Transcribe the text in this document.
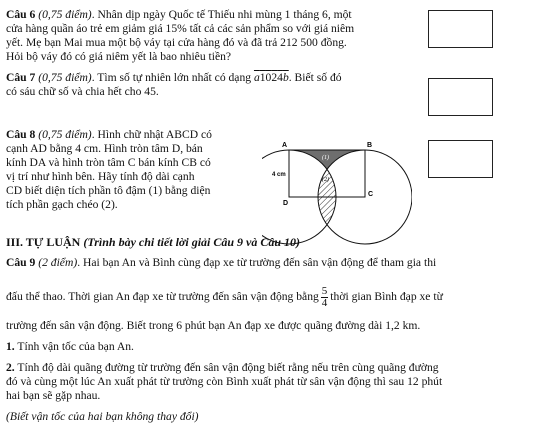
Câu 6 (0,75 điểm). Nhân dịp ngày Quốc tế Thiếu nhi mùng 1 tháng 6, một

cửa hàng quần áo trẻ em giảm giá 15% tất cả các sản phẩm so với giá niêm

yết. Mẹ bạn Mai mua một bộ váy tại cửa hàng đó và đã trả 212 500 đồng.

Hỏi bộ váy đó có giá niêm yết là bao nhiêu tiền?

Câu 7 (0,75 điểm). Tìm số tự nhiên lớn nhất có dạng a1024b. Biết số đó

có sáu chữ số và chia hết cho 45.

Câu 8 (0,75 điểm). Hình chữ nhật ABCD có

cạnh AD bằng 4 cm. Hình tròn tâm D, bán

kính DA và hình tròn tâm C bán kính CB có

vị trí như hình bên. Hãy tính độ dài cạnh

CD biết diện tích phần tô đậm (1) bằng diện

tích phần gạch chéo (2).

A	B
C
D
4 cm
(1)
(2)

III. TỰ LUẬN (Trình bày chi tiết lời giải Câu 9 và Câu 10)

Câu 9 (2 điểm). Hai bạn An và Bình cùng đạp xe từ trường đến sân vận động để tham gia thi

đấu thể thao. Thời gian An đạp xe từ trường đến sân vận động bằng $\frac{5}{4}$ thời gian Bình đạp xe từ

trường đến sân vận động. Biết trong 6 phút bạn An đạp xe được quãng đường dài 1,2 km.

1. Tính vận tốc của bạn An.

2. Tính độ dài quãng đường từ trường đến sân vận động biết rằng nếu trên cùng quãng đường

đó và cùng một lúc An xuất phát từ trường còn Bình xuất phát từ sân vận động thì sau 12 phút

hai bạn sẽ gặp nhau.

(Biết vận tốc của hai bạn không thay đổi)
